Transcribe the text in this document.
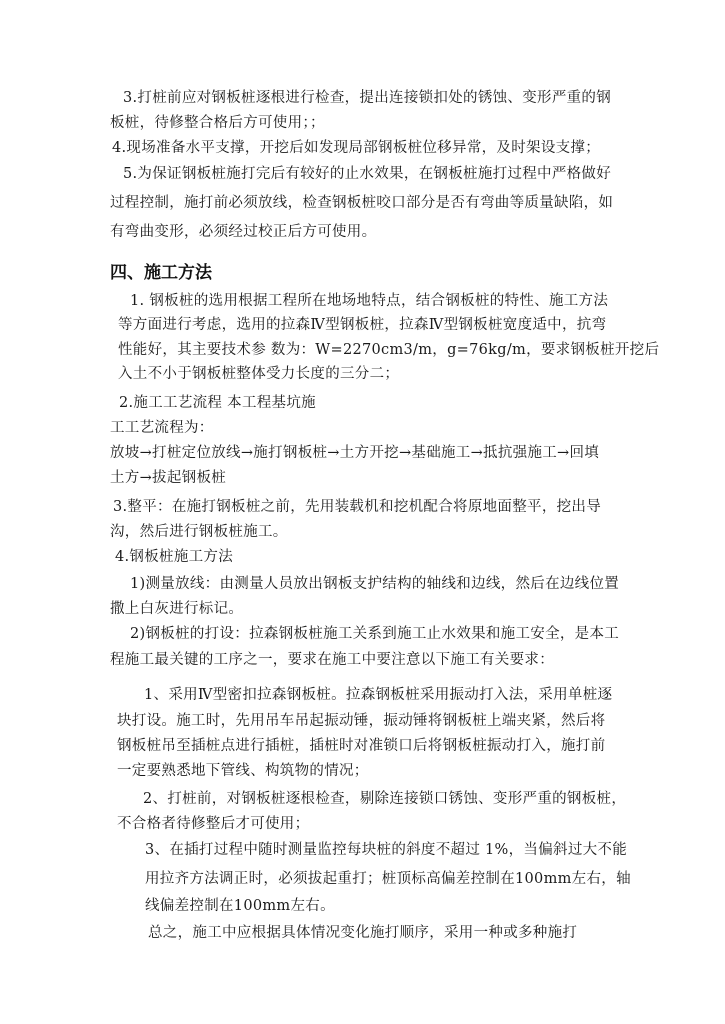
3.打桩前应对钢板桩逐根进行检查，提出连接锁扣处的锈蚀、变形严重的钢
板桩，待修整合格后方可使用；；
4.现场准备水平支撑，开挖后如发现局部钢板桩位移异常，及时架设支撑；
5.为保证钢板桩施打完后有较好的止水效果，在钢板桩施打过程中严格做好
过程控制，施打前必须放线，检查钢板桩咬口部分是否有弯曲等质量缺陷，如
有弯曲变形，必须经过校正后方可使用。
四、施工方法
1. 钢板桩的选用根据工程所在地场地特点，结合钢板桩的特性、施工方法
等方面进行考虑，选用的拉森Ⅳ型钢板桩，拉森Ⅳ型钢板桩宽度适中，抗弯
性能好，其主要技术参 数为：W=2270cm3/m，g=76kg/m，要求钢板桩开挖后
入土不小于钢板桩整体受力长度的三分二；
2.施工工艺流程 本工程基坑施
工工艺流程为：
放坡→打桩定位放线→施打钢板桩→土方开挖→基础施工→抵抗强施工→回填
土方→拔起钢板桩
3.整平：在施打钢板桩之前，先用装载机和挖机配合将原地面整平，挖出导
沟，然后进行钢板桩施工。
4.钢板桩施工方法
1)测量放线：由测量人员放出钢板支护结构的轴线和边线，然后在边线位置
撒上白灰进行标记。
2)钢板桩的打设：拉森钢板桩施工关系到施工止水效果和施工安全，是本工
程施工最关键的工序之一，要求在施工中要注意以下施工有关要求：
1、采用Ⅳ型密扣拉森钢板桩。拉森钢板桩采用振动打入法，采用单桩逐
块打设。施工时，先用吊车吊起振动锤，振动锤将钢板桩上端夹紧，然后将
钢板桩吊至插桩点进行插桩，插桩时对准锁口后将钢板桩振动打入，施打前
一定要熟悉地下管线、构筑物的情况；
2、打桩前，对钢板桩逐根检查，剔除连接锁口锈蚀、变形严重的钢板桩，
不合格者待修整后才可使用；
3、在插打过程中随时测量监控每块桩的斜度不超过 1%，当偏斜过大不能
用拉齐方法调正时，必须拔起重打；桩顶标高偏差控制在100mm左右，轴
线偏差控制在100mm左右。
总之，施工中应根据具体情况变化施打顺序，采用一种或多种施打
